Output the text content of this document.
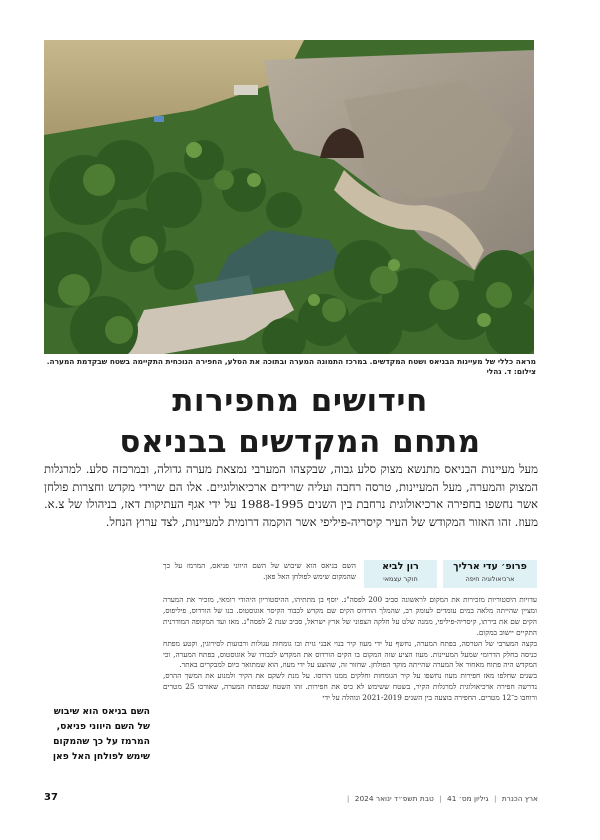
מראה כללי של מעיינות הבניאס ושטח המקדשים. במרכז התמונה המערה ובתוכה את הסלע, החפירה הנוכחית התקיימה בשטח שבקדמת המערה. צילום: ד. גהלי
חידושים מחפירות
מתחם המקדשים בבניאס
מעל מעיינות הבניאס מתנשא מצוק סלע גבוה, שבקצהו המערבי נמצאת מערה גדולה, ובמרכזה סלע. למרגלות המצוק והמערה, מעל המעיינות, טרסה רחבה ועליה שרידים ארכיאולוגיים. אלו הם שרידי מקדש וחצרות פולחן אשר נחשפו בחפירה ארכיאולוגית נרחבת בין השנים 1988-1995 על ידי אגף העתיקות דאז, בניהולו של צ.א. מעוז. זהו האזור המקודש של העיר קיסריה-פיליפי אשר הוקמה דרומית למעיינות, לצד ערוץ הנחל.
פרופ׳ עדי ארליך
ארכיאולוגיה חיפה
רון לביא
חוקר עצמאי

השם בניאס הוא שיבוש של השם היווני פניאס, המרמז על כך שהמקום שימש לפולחן האל פאן.

עדויות היסטוריות מזכירות את המקום לראשונה סביב 200 לפסה"נ. יוסף בן מתתיהו, ההיסטוריון היהודי רומאי, מזכיר את המערה ומציין שהייתה מלאה במים עומדים לעומק רב, שהמלך הורדוס הקים שם מקדש לכבוד הקיסר אוגוסטוס. בנו של הורדוס, פיליפוס, הקים שם את בירתו, קיסריה-פיליפי, ממנה שלט על חלקה הצפוני של ארץ ישראל, סביב שנת 2 לפסה"נ. מאז ועד המקופה המודרנית התקיים יישוב במקום.

בקצה המערבי של הטרסה, בפתח המערה, נחשף על ידי מעוז קיר בנוי אבני גזית ובו גומחות עגולות ורבועות לסירוגין, וקטע מפתח כניסה בחלק הדרומי שמעל המעיינות. מעוז הציע שזה המקום בו הקים הורדוס את המקדש לכבודו של אוגוסטוס, בפתח המערה, וכי המקדש היה פתוח מאחור אל המערה שהייתה מוקד הפולחן. שחזור זה, שהוצע על ידי מעוז, הוא שמתואר כיום למבקרים באתר.

בשנים שחלפו מאז חפירות מעוז נחשפו על קיר הגומחות וחלקים ממנו הרוסו. על מנת לשקם את הקיר ולמנוע את המשך ההרס, נדרשה חפירה ארכיאולוגית למרגלות הקיר, בשטח ששימש לא כיס את חפירות. זהו השטח שבפתח המערה, שאורכו 25 מטרים ורוחבו כ־12 מטרים. החפירה בוצעה בין השנים 2021-2019 ונוהלה על ידי

השם בניאס הוא שיבוש של השם היווני פניאס, המרמז על כך שהמקום שימש לפולחן האל פאן
ארץ הכנרת | גיליון מס׳ 41 | טבת תשפ״ד ינואר 2024 |
37
